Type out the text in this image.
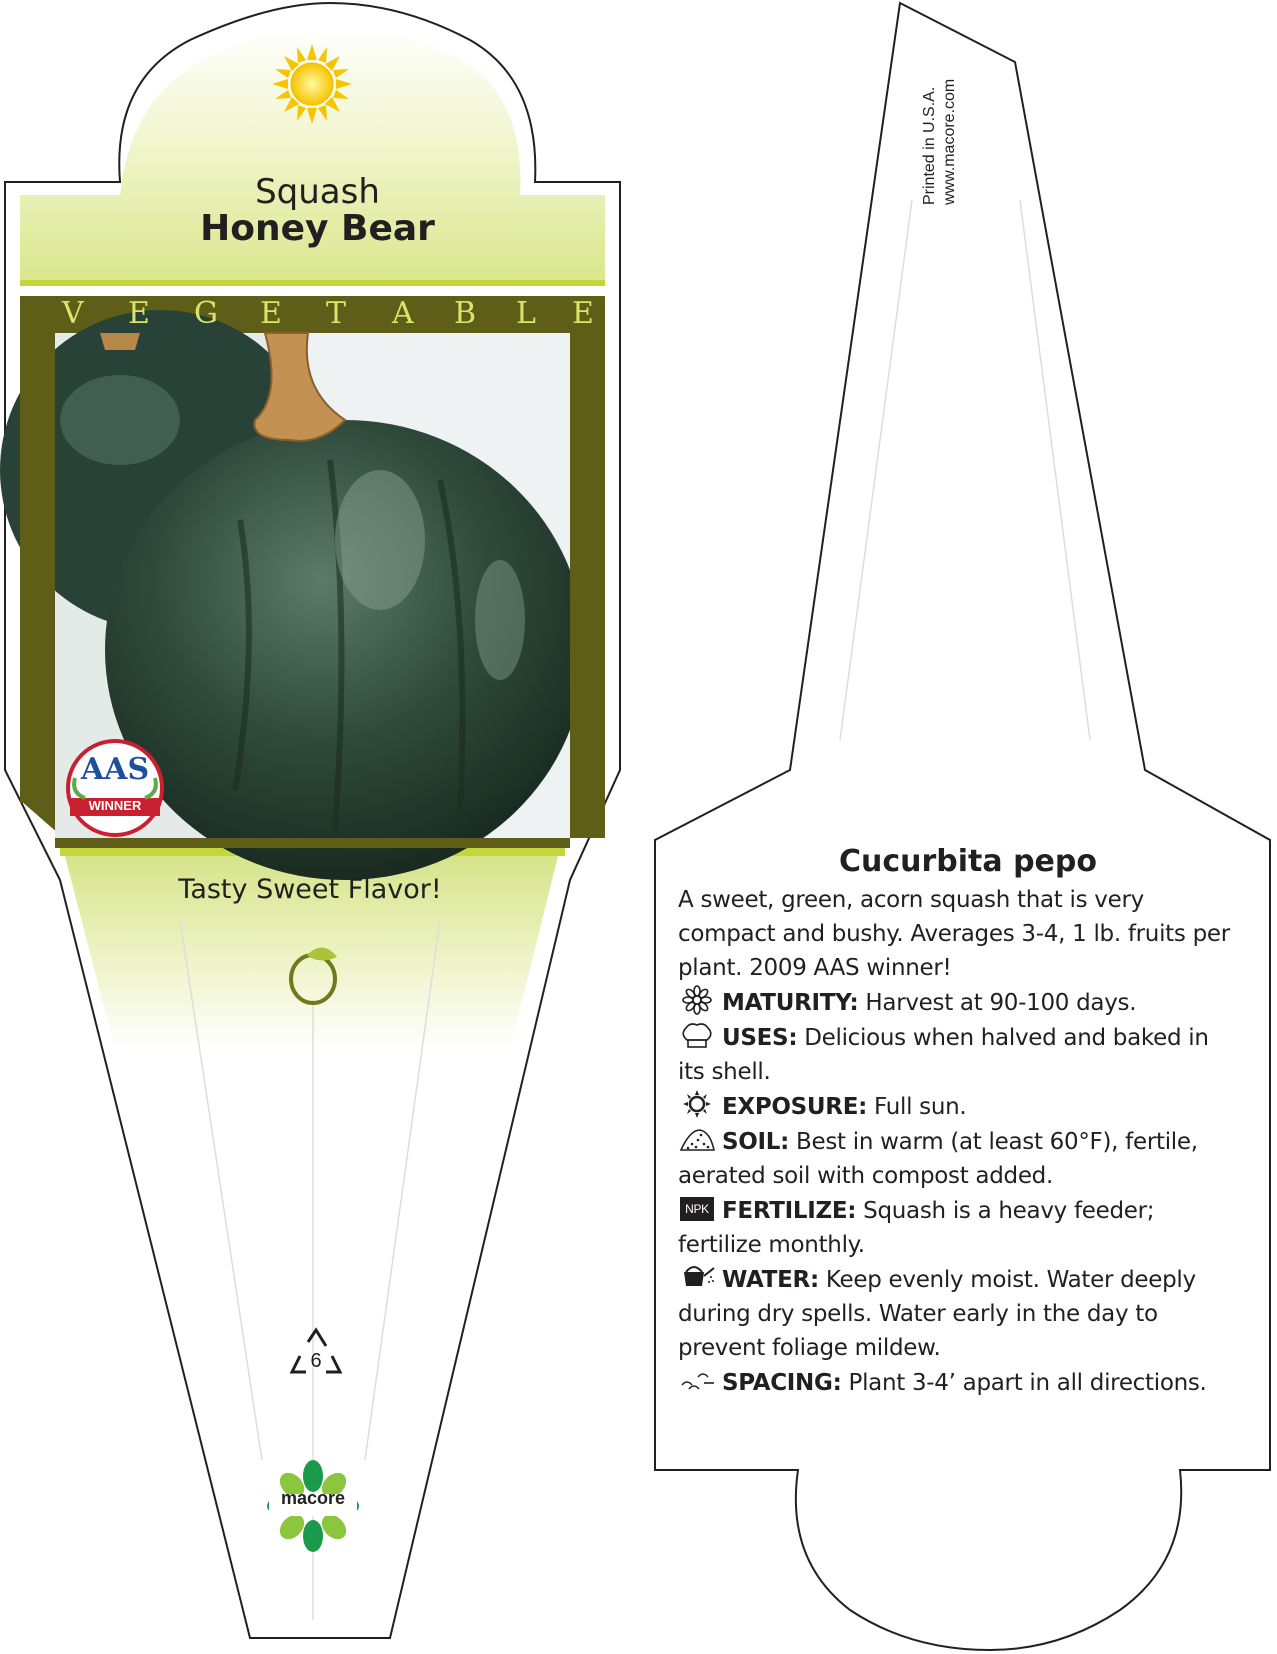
Squash
Honey Bear
V E G E T A B L E
AAS
WINNER
Tasty Sweet Flavor!
6
macore
Printed in U.S.A. www.macore.com
Cucurbita pepo
A sweet, green, acorn squash that is very compact and bushy. Averages 3-4, 1 lb. fruits per plant. 2009 AAS winner!
MATURITY: Harvest at 90-100 days.
USES: Delicious when halved and baked in its shell.
EXPOSURE: Full sun.
SOIL: Best in warm (at least 60°F), fertile, aerated soil with compost added.
NPK FERTILIZE: Squash is a heavy feeder; fertilize monthly.
WATER: Keep evenly moist. Water deeply during dry spells. Water early in the day to prevent foliage mildew.
SPACING: Plant 3-4’ apart in all directions.
